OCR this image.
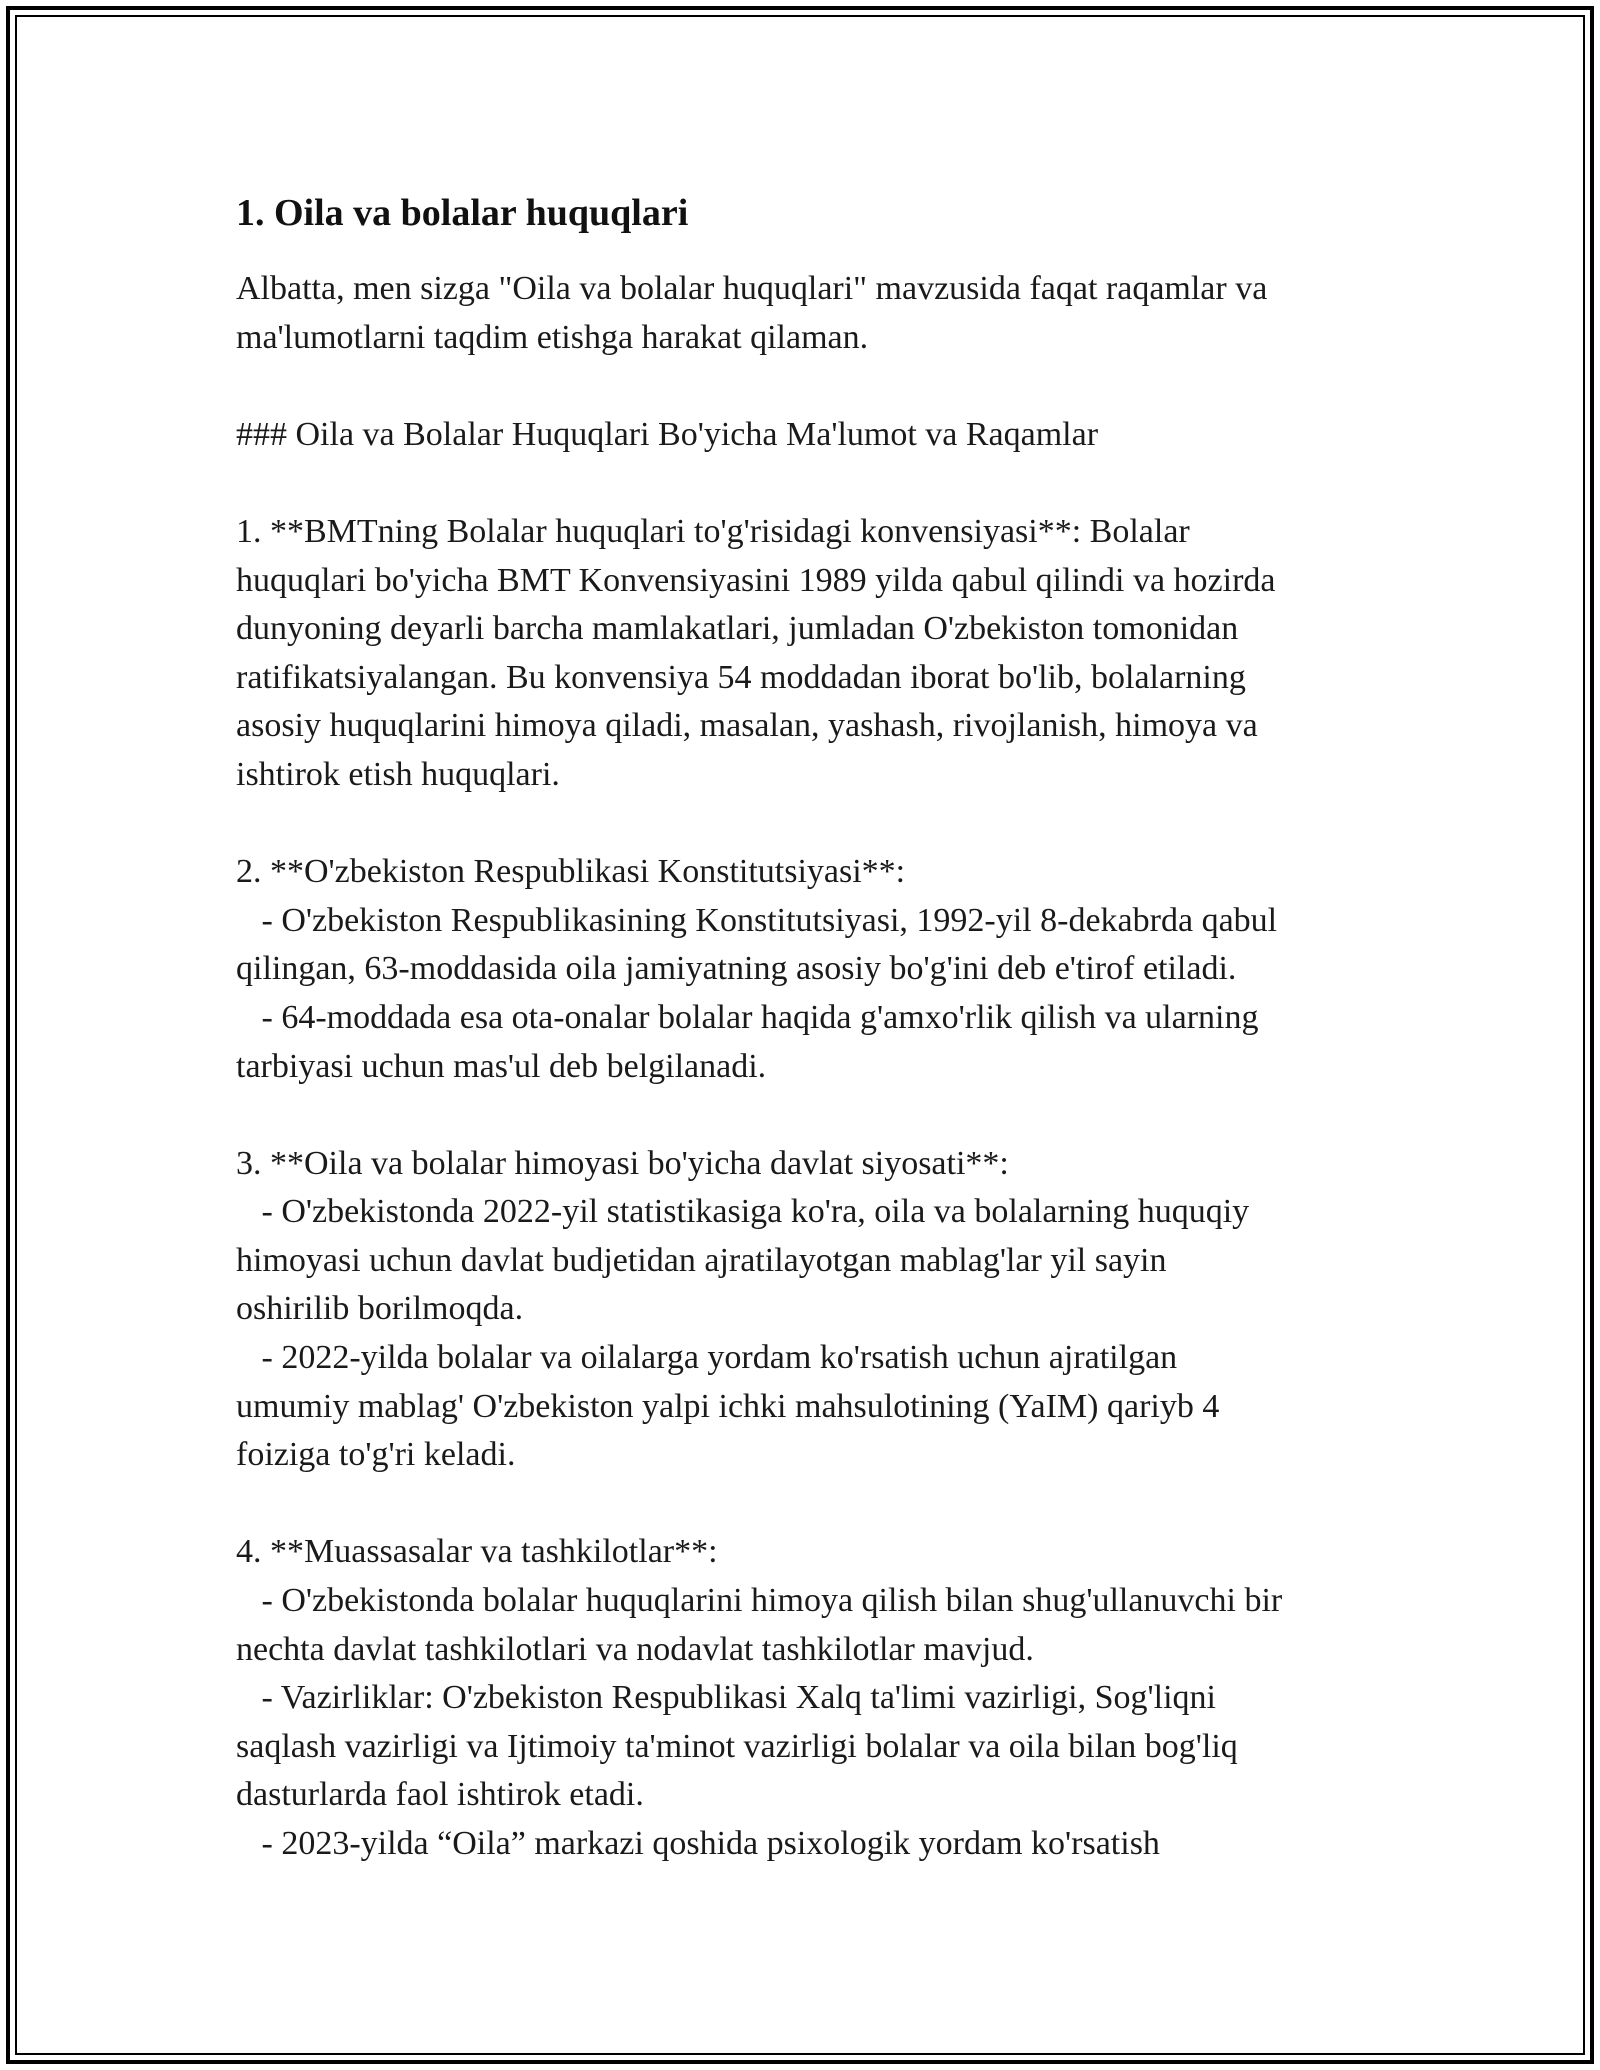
1. Oila va bolalar huquqlari
Albatta, men sizga "Oila va bolalar huquqlari" mavzusida faqat raqamlar va
ma'lumotlarni taqdim etishga harakat qilaman.
### Oila va Bolalar Huquqlari Bo'yicha Ma'lumot va Raqamlar
1. **BMTning Bolalar huquqlari to'g'risidagi konvensiyasi**: Bolalar
huquqlari bo'yicha BMT Konvensiyasini 1989 yilda qabul qilindi va hozirda
dunyoning deyarli barcha mamlakatlari, jumladan O'zbekiston tomonidan
ratifikatsiyalangan. Bu konvensiya 54 moddadan iborat bo'lib, bolalarning
asosiy huquqlarini himoya qiladi, masalan, yashash, rivojlanish, himoya va
ishtirok etish huquqlari.
2. **O'zbekiston Respublikasi Konstitutsiyasi**:
- O'zbekiston Respublikasining Konstitutsiyasi, 1992-yil 8-dekabrda qabul
qilingan, 63-moddasida oila jamiyatning asosiy bo'g'ini deb e'tirof etiladi.
- 64-moddada esa ota-onalar bolalar haqida g'amxo'rlik qilish va ularning
tarbiyasi uchun mas'ul deb belgilanadi.
3. **Oila va bolalar himoyasi bo'yicha davlat siyosati**:
- O'zbekistonda 2022-yil statistikasiga ko'ra, oila va bolalarning huquqiy
himoyasi uchun davlat budjetidan ajratilayotgan mablag'lar yil sayin
oshirilib borilmoqda.
- 2022-yilda bolalar va oilalarga yordam ko'rsatish uchun ajratilgan
umumiy mablag' O'zbekiston yalpi ichki mahsulotining (YaIM) qariyb 4
foiziga to'g'ri keladi.
4. **Muassasalar va tashkilotlar**:
- O'zbekistonda bolalar huquqlarini himoya qilish bilan shug'ullanuvchi bir
nechta davlat tashkilotlari va nodavlat tashkilotlar mavjud.
- Vazirliklar: O'zbekiston Respublikasi Xalq ta'limi vazirligi, Sog'liqni
saqlash vazirligi va Ijtimoiy ta'minot vazirligi bolalar va oila bilan bog'liq
dasturlarda faol ishtirok etadi.
- 2023-yilda “Oila” markazi qoshida psixologik yordam ko'rsatish
